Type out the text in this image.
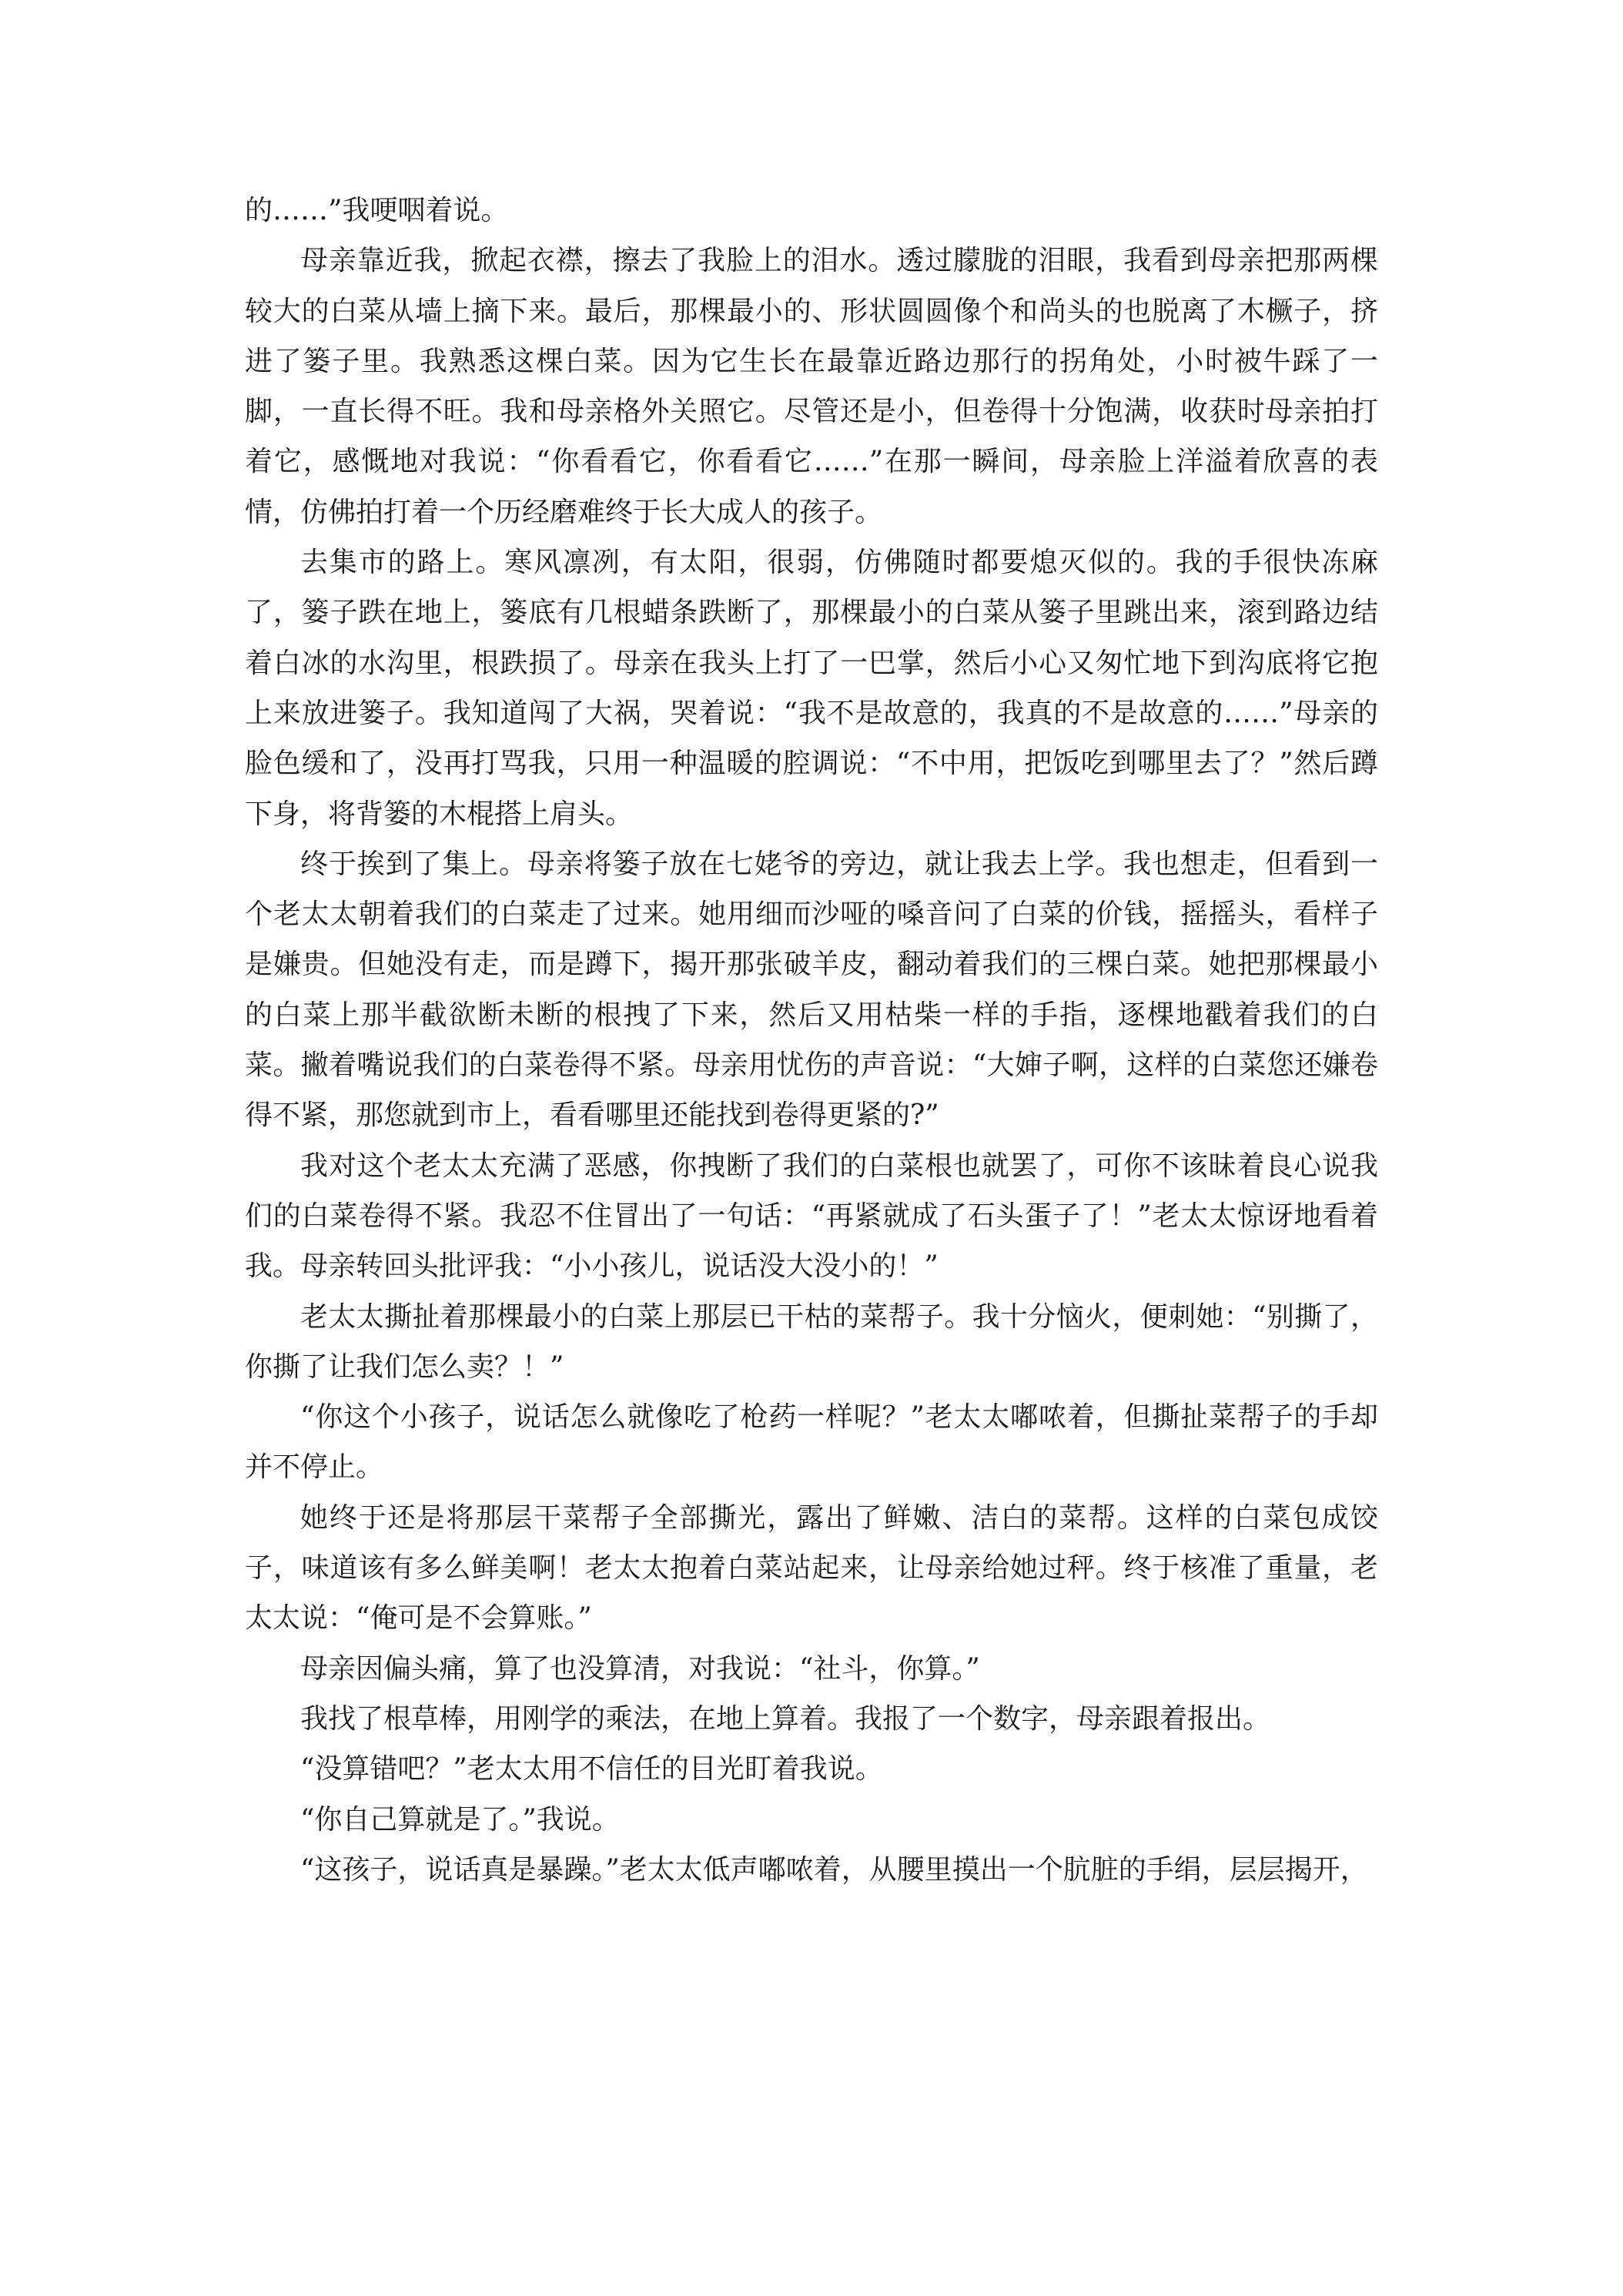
的……”我哽咽着说。

母亲靠近我，掀起衣襟，擦去了我脸上的泪水。透过朦胧的泪眼，我看到母亲把那两棵较大的白菜从墙上摘下来。最后，那棵最小的、形状圆圆像个和尚头的也脱离了木橛子，挤进了篓子里。我熟悉这棵白菜。因为它生长在最靠近路边那行的拐角处，小时被牛踩了一脚，一直长得不旺。我和母亲格外关照它。尽管还是小，但卷得十分饱满，收获时母亲拍打着它，感慨地对我说：“你看看它，你看看它……”在那一瞬间，母亲脸上洋溢着欣喜的表情，仿佛拍打着一个历经磨难终于长大成人的孩子。

去集市的路上。寒风凛冽，有太阳，很弱，仿佛随时都要熄灭似的。我的手很快冻麻了，篓子跌在地上，篓底有几根蜡条跌断了，那棵最小的白菜从篓子里跳出来，滚到路边结着白冰的水沟里，根跌损了。母亲在我头上打了一巴掌，然后小心又匆忙地下到沟底将它抱上来放进篓子。我知道闯了大祸，哭着说：“我不是故意的，我真的不是故意的……”母亲的脸色缓和了，没再打骂我，只用一种温暖的腔调说：“不中用，把饭吃到哪里去了？”然后蹲下身，将背篓的木棍搭上肩头。

终于挨到了集上。母亲将篓子放在七姥爷的旁边，就让我去上学。我也想走，但看到一个老太太朝着我们的白菜走了过来。她用细而沙哑的嗓音问了白菜的价钱，摇摇头，看样子是嫌贵。但她没有走，而是蹲下，揭开那张破羊皮，翻动着我们的三棵白菜。她把那棵最小的白菜上那半截欲断未断的根拽了下来，然后又用枯柴一样的手指，逐棵地戳着我们的白菜。撇着嘴说我们的白菜卷得不紧。母亲用忧伤的声音说：“大婶子啊，这样的白菜您还嫌卷得不紧，那您就到市上，看看哪里还能找到卷得更紧的?”

我对这个老太太充满了恶感，你拽断了我们的白菜根也就罢了，可你不该昧着良心说我们的白菜卷得不紧。我忍不住冒出了一句话：“再紧就成了石头蛋子了！”老太太惊讶地看着我。母亲转回头批评我：“小小孩儿，说话没大没小的！”

老太太撕扯着那棵最小的白菜上那层已干枯的菜帮子。我十分恼火，便刺她：“别撕了，你撕了让我们怎么卖？！”

“你这个小孩子，说话怎么就像吃了枪药一样呢？”老太太嘟哝着，但撕扯菜帮子的手却并不停止。

她终于还是将那层干菜帮子全部撕光，露出了鲜嫩、洁白的菜帮。这样的白菜包成饺子，味道该有多么鲜美啊！老太太抱着白菜站起来，让母亲给她过秤。终于核准了重量，老太太说：“俺可是不会算账。”

母亲因偏头痛，算了也没算清，对我说：“社斗，你算。”

我找了根草棒，用刚学的乘法，在地上算着。我报了一个数字，母亲跟着报出。

“没算错吧？”老太太用不信任的目光盯着我说。

“你自己算就是了。”我说。

“这孩子，说话真是暴躁。”老太太低声嘟哝着，从腰里摸出一个肮脏的手绢，层层揭开，
